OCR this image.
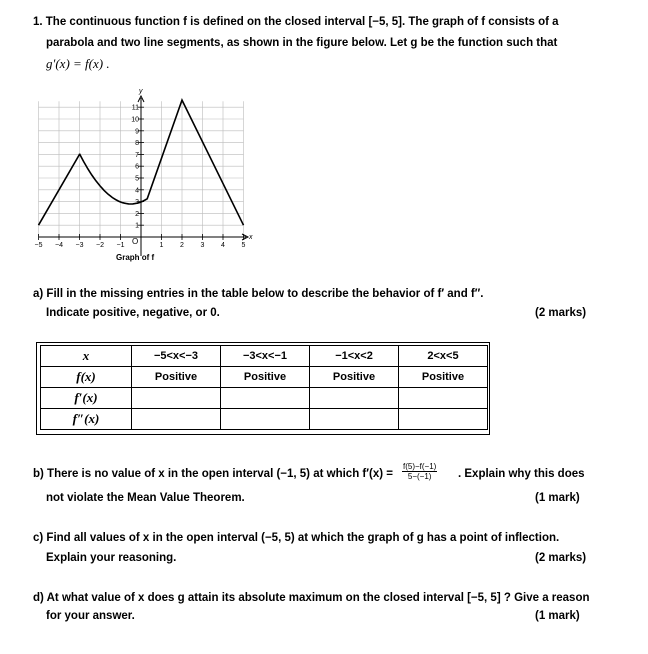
1. The continuous function f is defined on the closed interval [−5, 5]. The graph of f consists of a
parabola and two line segments, as shown in the figure below. Let g be the function such that
g′(x) = f(x) .
1
2
3
4
5
6
7
8
9
10
11
−5 −4 −3 −2 −1	1 2 3 4 5
y
x
O
Graph of f
a) Fill in the missing entries in the table below to describe the behavior of f′ and f″.
Indicate positive, negative, or 0.	(2 marks)
x	−5<x<−3	−3<x<−1	−1<x<2	2<x<5
f(x)	Positive	Positive	Positive	Positive
f′(x)				
f″(x)				
b) There is no value of x in the open interval (−1, 5) at which $f'(x) = \frac{f(5)-f(-1)}{5-(-1)}$ . Explain why this does
not violate the Mean Value Theorem.	(1 mark)
c) Find all values of x in the open interval (−5, 5) at which the graph of g has a point of inflection.
Explain your reasoning.	(2 marks)
d) At what value of x does g attain its absolute maximum on the closed interval [−5, 5] ? Give a reason
for your answer.	(1 mark)
